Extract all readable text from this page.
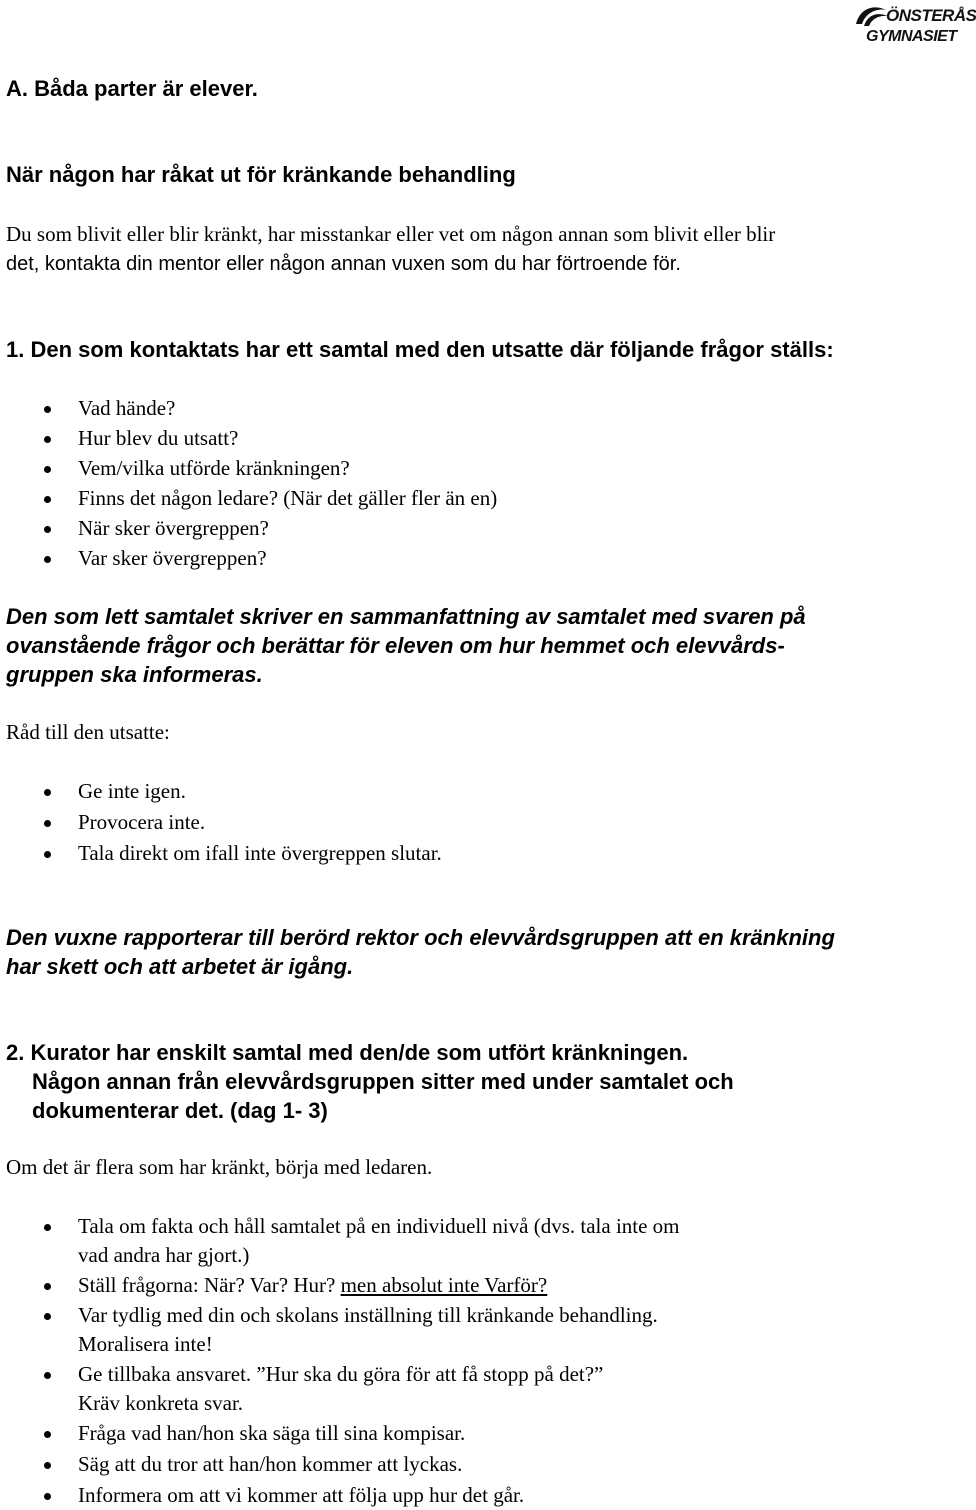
ÖNSTERÅS
GYMNASIET
A. Båda parter är elever.
När någon har råkat ut för kränkande behandling
Du som blivit eller blir kränkt, har misstankar eller vet om någon annan som blivit eller blir
det, kontakta din mentor eller någon annan vuxen som du har förtroende för.
1. Den som kontaktats har ett samtal med den utsatte där följande frågor ställs:
Vad hände?
Hur blev du utsatt?
Vem/vilka utförde kränkningen?
Finns det någon ledare? (När det gäller fler än en)
När sker övergreppen?
Var sker övergreppen?
Den som lett samtalet skriver en sammanfattning av samtalet med svaren på
ovanstående frågor och berättar för eleven om hur hemmet och elevvårds-
gruppen ska informeras.
Råd till den utsatte:
Ge inte igen.
Provocera inte.
Tala direkt om ifall inte övergreppen slutar.
Den vuxne rapporterar till berörd rektor och elevvårdsgruppen att en kränkning
har skett och att arbetet är igång.
2. Kurator har enskilt samtal med den/de som utfört kränkningen.
Någon annan från elevvårdsgruppen sitter med under samtalet och
dokumenterar det. (dag 1- 3)
Om det är flera som har kränkt, börja med ledaren.
Tala om fakta och håll samtalet på en individuell nivå (dvs. tala inte om
vad andra har gjort.)
Ställ frågorna: När? Var? Hur? men absolut inte Varför?
Var tydlig med din och skolans inställning till kränkande behandling.
Moralisera inte!
Ge tillbaka ansvaret. ”Hur ska du göra för att få stopp på det?”
Kräv konkreta svar.
Fråga vad han/hon ska säga till sina kompisar.
Säg att du tror att han/hon kommer att lyckas.
Informera om att vi kommer att följa upp hur det går.
